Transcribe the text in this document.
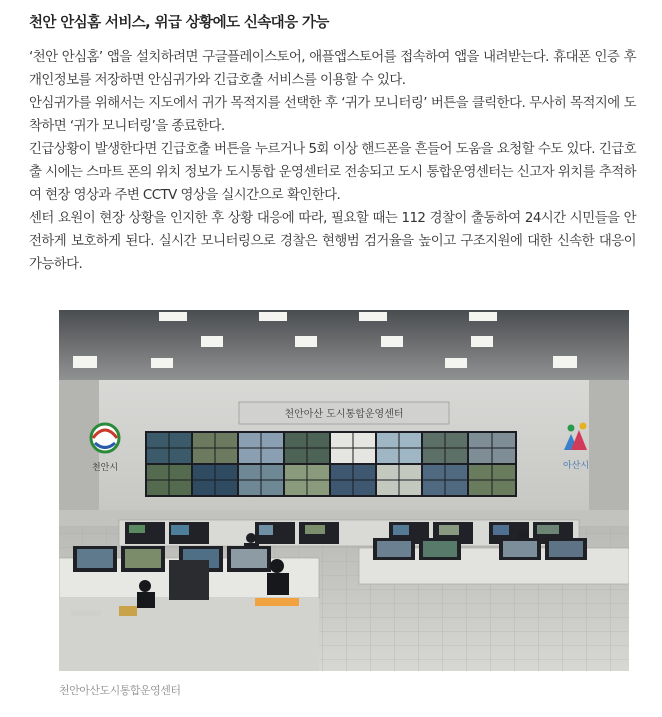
천안 안심홈 서비스, 위급 상황에도 신속대응 가능

‘천안 안심홈’ 앱을 설치하려면 구글플레이스토어, 애플앱스토어를 접속하여 앱을 내려받는다. 휴대폰 인증 후 개인정보를 저장하면 안심귀가와 긴급호출 서비스를 이용할 수 있다.

안심귀가를 위해서는 지도에서 귀가 목적지를 선택한 후 ‘귀가 모니터링’ 버튼을 클릭한다. 무사히 목적지에 도착하면 ‘귀가 모니터링’을 종료한다.

긴급상황이 발생한다면 긴급호출 버튼을 누르거나 5회 이상 핸드폰을 흔들어 도움을 요청할 수도 있다. 긴급호출 시에는 스마트 폰의 위치 정보가 도시통합 운영센터로 전송되고 도시 통합운영센터는 신고자 위치를 추적하여 현장 영상과 주변 CCTV 영상을 실시간으로 확인한다.

센터 요원이 현장 상황을 인지한 후 상황 대응에 따라, 필요할 때는 112 경찰이 출동하여 24시간 시민들을 안전하게 보호하게 된다. 실시간 모니터링으로 경찰은 현행범 검거율을 높이고 구조지원에 대한 신속한 대응이 가능하다.

천안아산 도시통합운영센터
천안시	아산시
천안아산도시통합운영센터
